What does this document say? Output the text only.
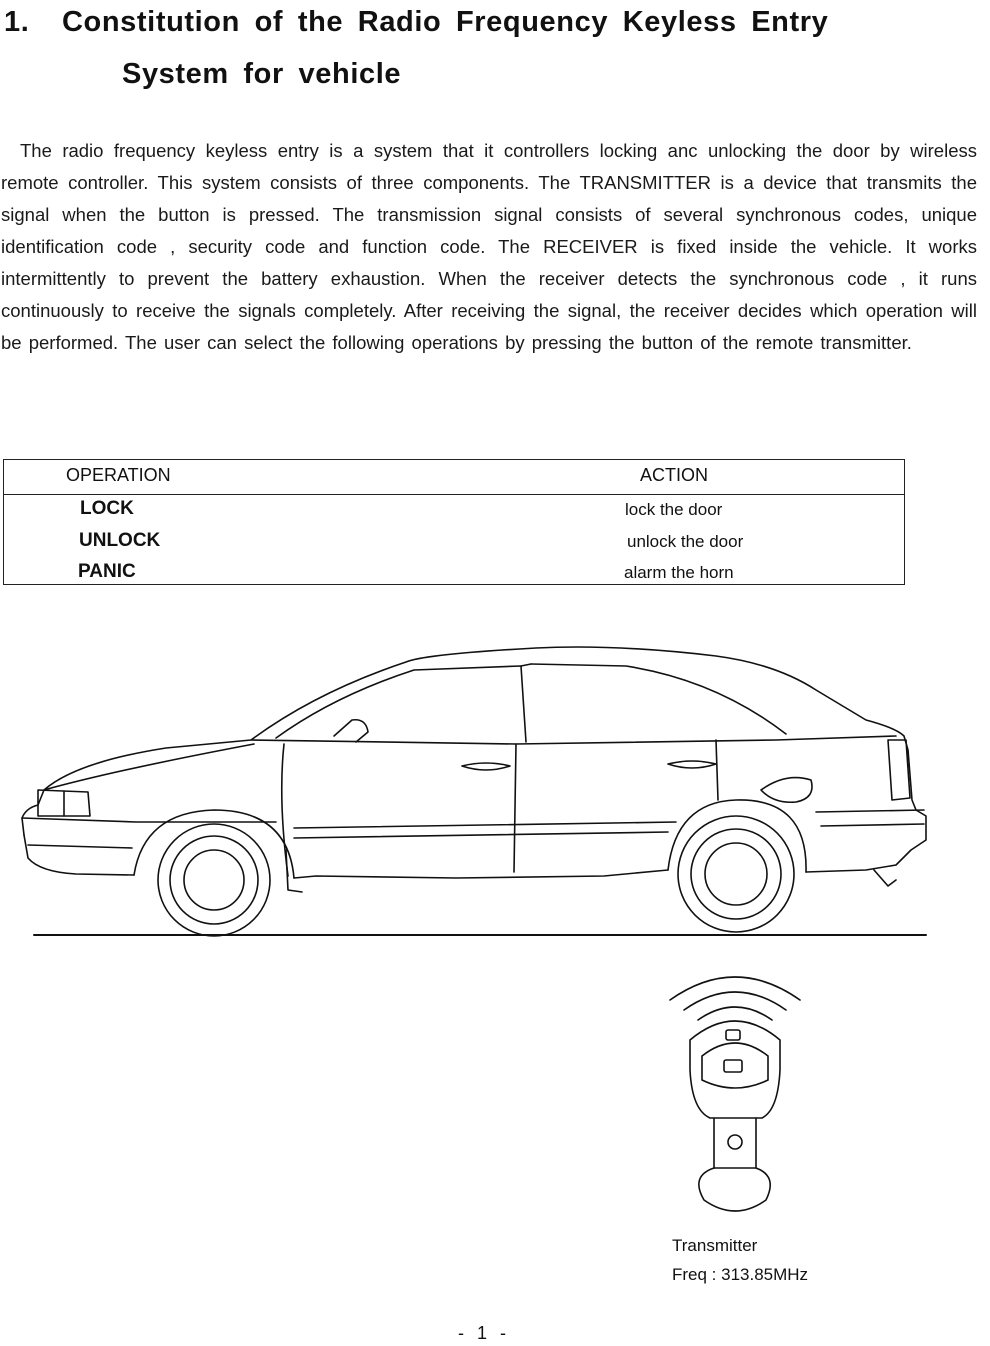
1. Constitution of the Radio Frequency Keyless Entry
System for vehicle
The radio frequency keyless entry is a system that it controllers locking anc unlocking the door by wireless remote controller. This system consists of three components. The TRANSMITTER is a device that transmits the signal when the button is pressed. The transmission signal consists of several synchronous codes, unique identification code , security code and function code. The RECEIVER is fixed inside the vehicle. It works intermittently to prevent the battery exhaustion. When the receiver detects the synchronous code , it runs continuously to receive the signals completely. After receiving the signal, the receiver decides which operation will be performed. The user can select the following operations by pressing the button of the remote transmitter.
OPERATION	ACTION
LOCK	lock the door
UNLOCK	unlock the door
PANIC	alarm the horn
Transmitter
Freq : 313.85MHz
- 1 -
